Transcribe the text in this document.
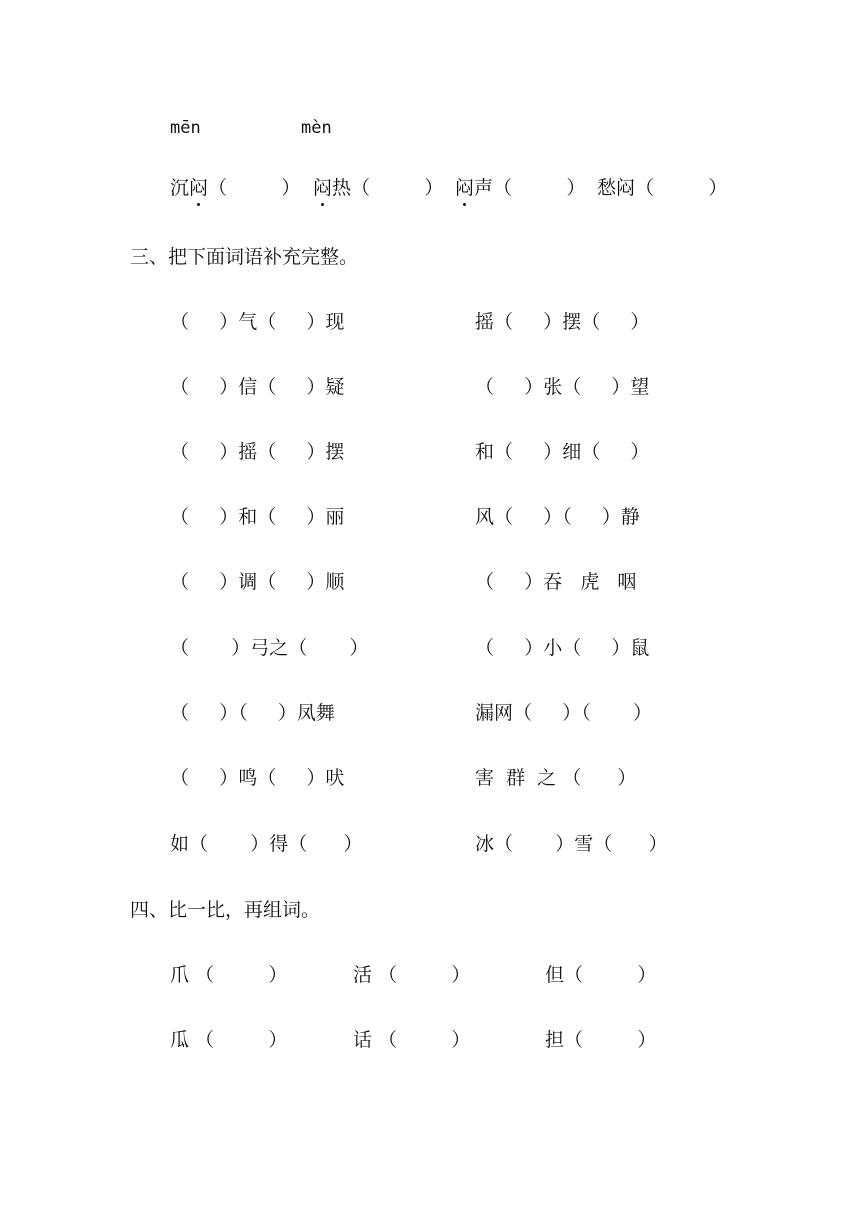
mēn	mèn
沉闷（         ） 闷热（         ） 闷声（         ） 愁闷（         ）
三、把下面词语补充完整。
（     ）气（     ）现	摇（     ）摆（     ）
（     ）信（     ）疑	（     ）张（     ）望
（     ）摇（     ）摆	和（     ）细（     ）
（     ）和（     ）丽	风（     ）（     ）静
（     ）调（     ）顺	（     ）吞   虎   咽
（       ）弓之（       ）	（     ）小（     ）鼠
（     ）（     ）凤舞	漏网（     ）（       ）
（     ）鸣（     ）吠	害  群  之 （      ）
如（       ）得（      ）	冰（       ）雪（      ）
四、比一比，再组词。
爪 （         ）	活 （         ）	但（         ）
瓜 （         ）	话 （         ）	担（         ）
